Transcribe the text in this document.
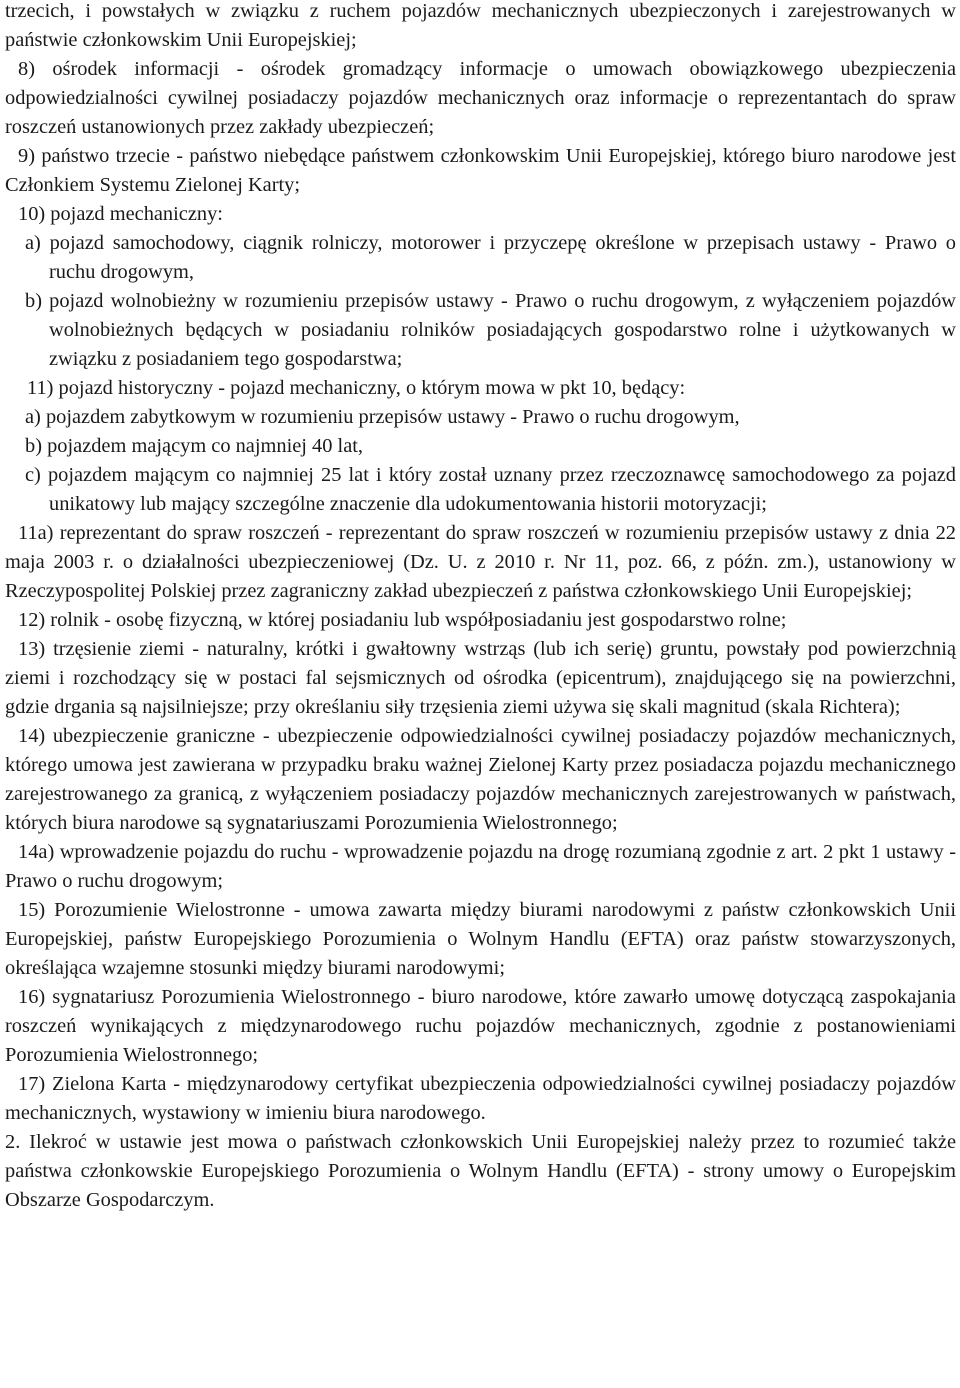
trzecich, i powstałych w związku z ruchem pojazdów mechanicznych ubezpieczonych i zarejestrowanych w państwie członkowskim Unii Europejskiej;

8) ośrodek informacji - ośrodek gromadzący informacje o umowach obowiązkowego ubezpieczenia odpowiedzialności cywilnej posiadaczy pojazdów mechanicznych oraz informacje o reprezentantach do spraw roszczeń ustanowionych przez zakłady ubezpieczeń;

9) państwo trzecie - państwo niebędące państwem członkowskim Unii Europejskiej, którego biuro narodowe jest Członkiem Systemu Zielonej Karty;

10) pojazd mechaniczny:

a) pojazd samochodowy, ciągnik rolniczy, motorower i przyczepę określone w przepisach ustawy - Prawo o ruchu drogowym,

b) pojazd wolnobieżny w rozumieniu przepisów ustawy - Prawo o ruchu drogowym, z wyłączeniem pojazdów wolnobieżnych będących w posiadaniu rolników posiadających gospodarstwo rolne i użytkowanych w związku z posiadaniem tego gospodarstwa;

11) pojazd historyczny - pojazd mechaniczny, o którym mowa w pkt 10, będący:

a) pojazdem zabytkowym w rozumieniu przepisów ustawy - Prawo o ruchu drogowym,

b) pojazdem mającym co najmniej 40 lat,

c) pojazdem mającym co najmniej 25 lat i który został uznany przez rzeczoznawcę samochodowego za pojazd unikatowy lub mający szczególne znaczenie dla udokumentowania historii motoryzacji;

11a) reprezentant do spraw roszczeń - reprezentant do spraw roszczeń w rozumieniu przepisów ustawy z dnia 22 maja 2003 r. o działalności ubezpieczeniowej (Dz. U. z 2010 r. Nr 11, poz. 66, z późn. zm.), ustanowiony w Rzeczypospolitej Polskiej przez zagraniczny zakład ubezpieczeń z państwa członkowskiego Unii Europejskiej;

12) rolnik - osobę fizyczną, w której posiadaniu lub współposiadaniu jest gospodarstwo rolne;

13) trzęsienie ziemi - naturalny, krótki i gwałtowny wstrząs (lub ich serię) gruntu, powstały pod powierzchnią ziemi i rozchodzący się w postaci fal sejsmicznych od ośrodka (epicentrum), znajdującego się na powierzchni, gdzie drgania są najsilniejsze; przy określaniu siły trzęsienia ziemi używa się skali magnitud (skala Richtera);

14) ubezpieczenie graniczne - ubezpieczenie odpowiedzialności cywilnej posiadaczy pojazdów mechanicznych, którego umowa jest zawierana w przypadku braku ważnej Zielonej Karty przez posiadacza pojazdu mechanicznego zarejestrowanego za granicą, z wyłączeniem posiadaczy pojazdów mechanicznych zarejestrowanych w państwach, których biura narodowe są sygnatariuszami Porozumienia Wielostronnego;

14a) wprowadzenie pojazdu do ruchu - wprowadzenie pojazdu na drogę rozumianą zgodnie z art. 2 pkt 1 ustawy - Prawo o ruchu drogowym;

15) Porozumienie Wielostronne - umowa zawarta między biurami narodowymi z państw członkowskich Unii Europejskiej, państw Europejskiego Porozumienia o Wolnym Handlu (EFTA) oraz państw stowarzyszonych, określająca wzajemne stosunki między biurami narodowymi;

16) sygnatariusz Porozumienia Wielostronnego - biuro narodowe, które zawarło umowę dotyczącą zaspokajania roszczeń wynikających z międzynarodowego ruchu pojazdów mechanicznych, zgodnie z postanowieniami Porozumienia Wielostronnego;

17) Zielona Karta - międzynarodowy certyfikat ubezpieczenia odpowiedzialności cywilnej posiadaczy pojazdów mechanicznych, wystawiony w imieniu biura narodowego.

2. Ilekroć w ustawie jest mowa o państwach członkowskich Unii Europejskiej należy przez to rozumieć także państwa członkowskie Europejskiego Porozumienia o Wolnym Handlu (EFTA) - strony umowy o Europejskim Obszarze Gospodarczym.
